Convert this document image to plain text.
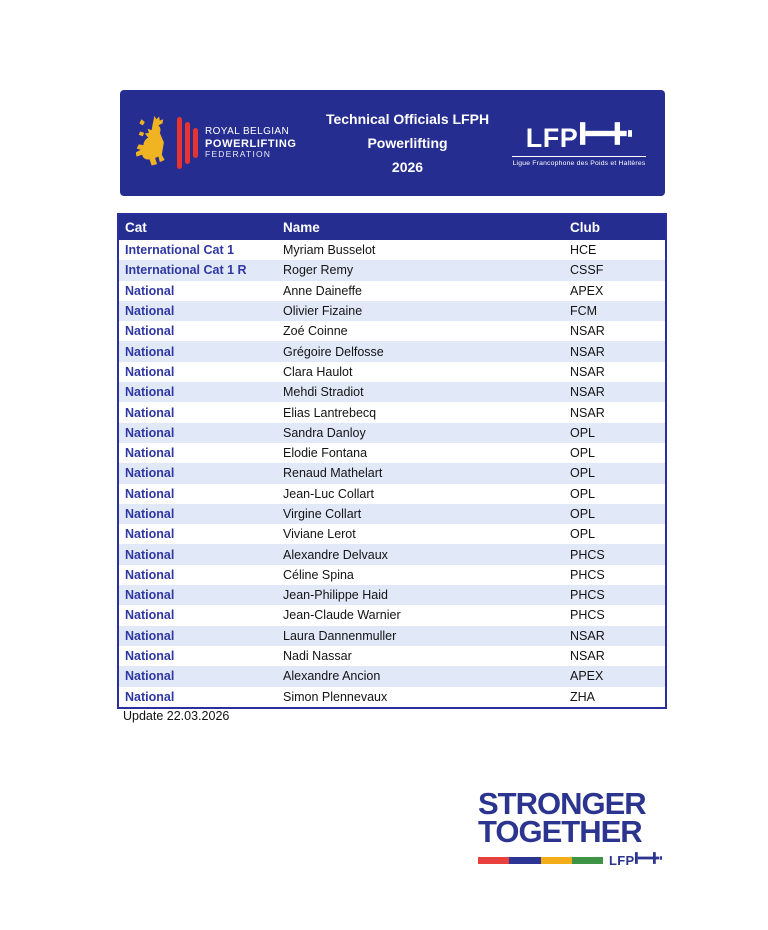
ROYAL BELGIAN
POWERLIFTING
FEDERATION
Technical Officials LFPH
Powerlifting
2026
LFP
Ligue Francophone des Poids et Haltères
Cat	Name	Club
International Cat 1	Myriam Busselot	HCE
International Cat 1 R	Roger Remy	CSSF
National	Anne Daineffe	APEX
National	Olivier Fizaine	FCM
National	Zoé Coinne	NSAR
National	Grégoire Delfosse	NSAR
National	Clara Haulot	NSAR
National	Mehdi Stradiot	NSAR
National	Elias Lantrebecq	NSAR
National	Sandra Danloy	OPL
National	Elodie Fontana	OPL
National	Renaud Mathelart	OPL
National	Jean-Luc Collart	OPL
National	Virgine Collart	OPL
National	Viviane Lerot	OPL
National	Alexandre Delvaux	PHCS
National	Céline Spina	PHCS
National	Jean-Philippe Haid	PHCS
National	Jean-Claude Warnier	PHCS
National	Laura Dannenmuller	NSAR
National	Nadi Nassar	NSAR
National	Alexandre Ancion	APEX
National	Simon Plennevaux	ZHA
Update 22.03.2026
STRONGER
TOGETHER
LFP
